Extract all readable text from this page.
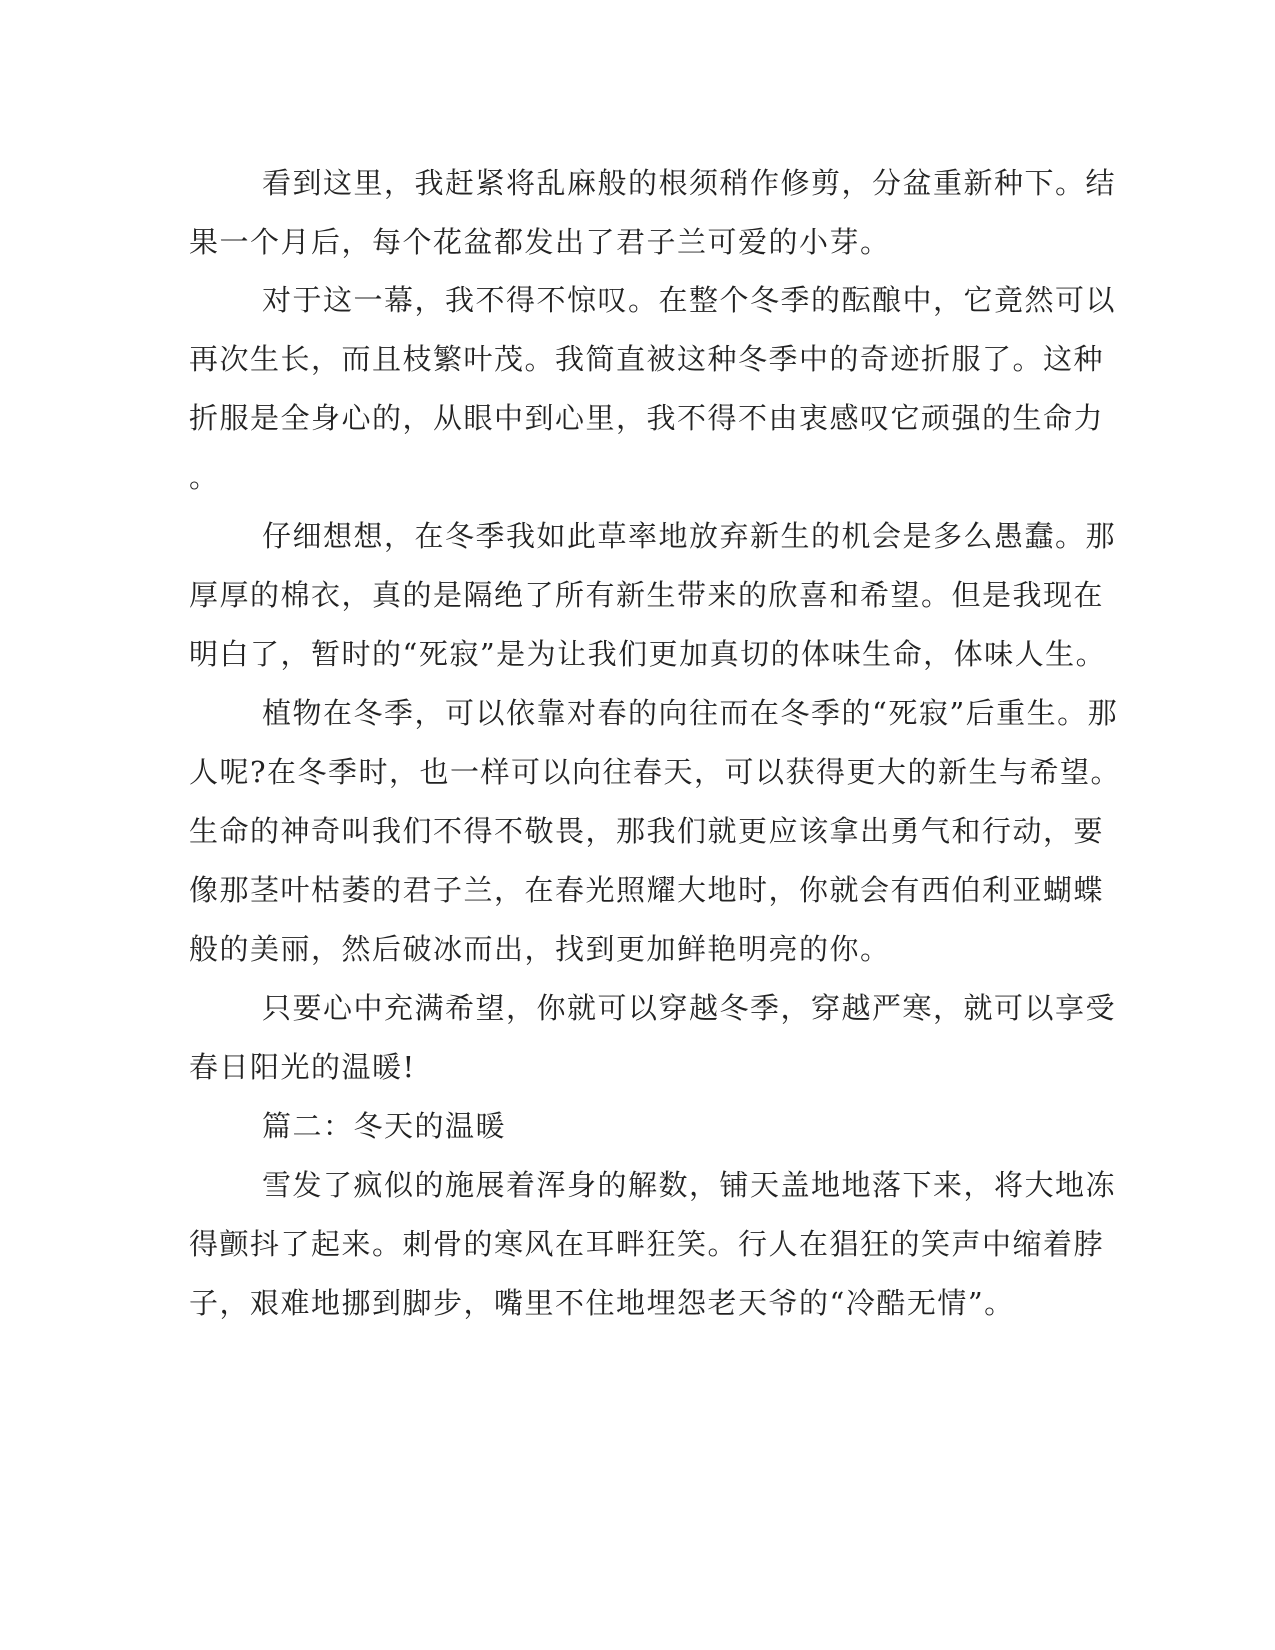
看到这里，我赶紧将乱麻般的根须稍作修剪，分盆重新种下。结
果一个月后，每个花盆都发出了君子兰可爱的小芽。
对于这一幕，我不得不惊叹。在整个冬季的酝酿中，它竟然可以
再次生长，而且枝繁叶茂。我简直被这种冬季中的奇迹折服了。这种
折服是全身心的，从眼中到心里，我不得不由衷感叹它顽强的生命力
。
仔细想想，在冬季我如此草率地放弃新生的机会是多么愚蠢。那
厚厚的棉衣，真的是隔绝了所有新生带来的欣喜和希望。但是我现在
明白了，暂时的“死寂”是为让我们更加真切的体味生命，体味人生。
植物在冬季，可以依靠对春的向往而在冬季的“死寂”后重生。那
人呢?在冬季时，也一样可以向往春天，可以获得更大的新生与希望。
生命的神奇叫我们不得不敬畏，那我们就更应该拿出勇气和行动，要
像那茎叶枯萎的君子兰，在春光照耀大地时，你就会有西伯利亚蝴蝶
般的美丽，然后破冰而出，找到更加鲜艳明亮的你。
只要心中充满希望，你就可以穿越冬季，穿越严寒，就可以享受
春日阳光的温暖!
篇二：冬天的温暖
雪发了疯似的施展着浑身的解数，铺天盖地地落下来，将大地冻
得颤抖了起来。刺骨的寒风在耳畔狂笑。行人在猖狂的笑声中缩着脖
子，艰难地挪到脚步，嘴里不住地埋怨老天爷的“冷酷无情”。
